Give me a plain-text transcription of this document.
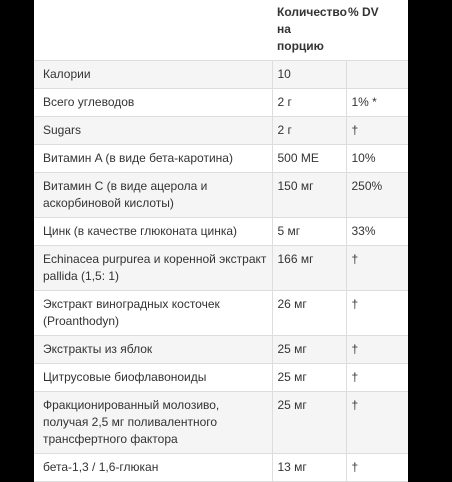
	Количество на порцию	% DV
Калории	10	
Всего углеводов	2 г	1% *
Sugars	2 г	†
Витамин A (в виде бета-каротина)	500 МЕ	10%
Витамин C (в виде ацерола и аскорбиновой кислоты)	150 мг	250%
Цинк (в качестве глюконата цинка)	5 мг	33%
Echinacea purpurea и коренной экстракт pallida (1,5: 1)	166 мг	†
Экстракт виноградных косточек (Proanthodyn)	26 мг	†
Экстракты из яблок	25 мг	†
Цитрусовые биофлавоноиды	25 мг	†
Фракционированный молозиво, получая 2,5 мг поливалентного трансфертного фактора	25 мг	†
бета-1,3 / 1,6-глюкан	13 мг	†
